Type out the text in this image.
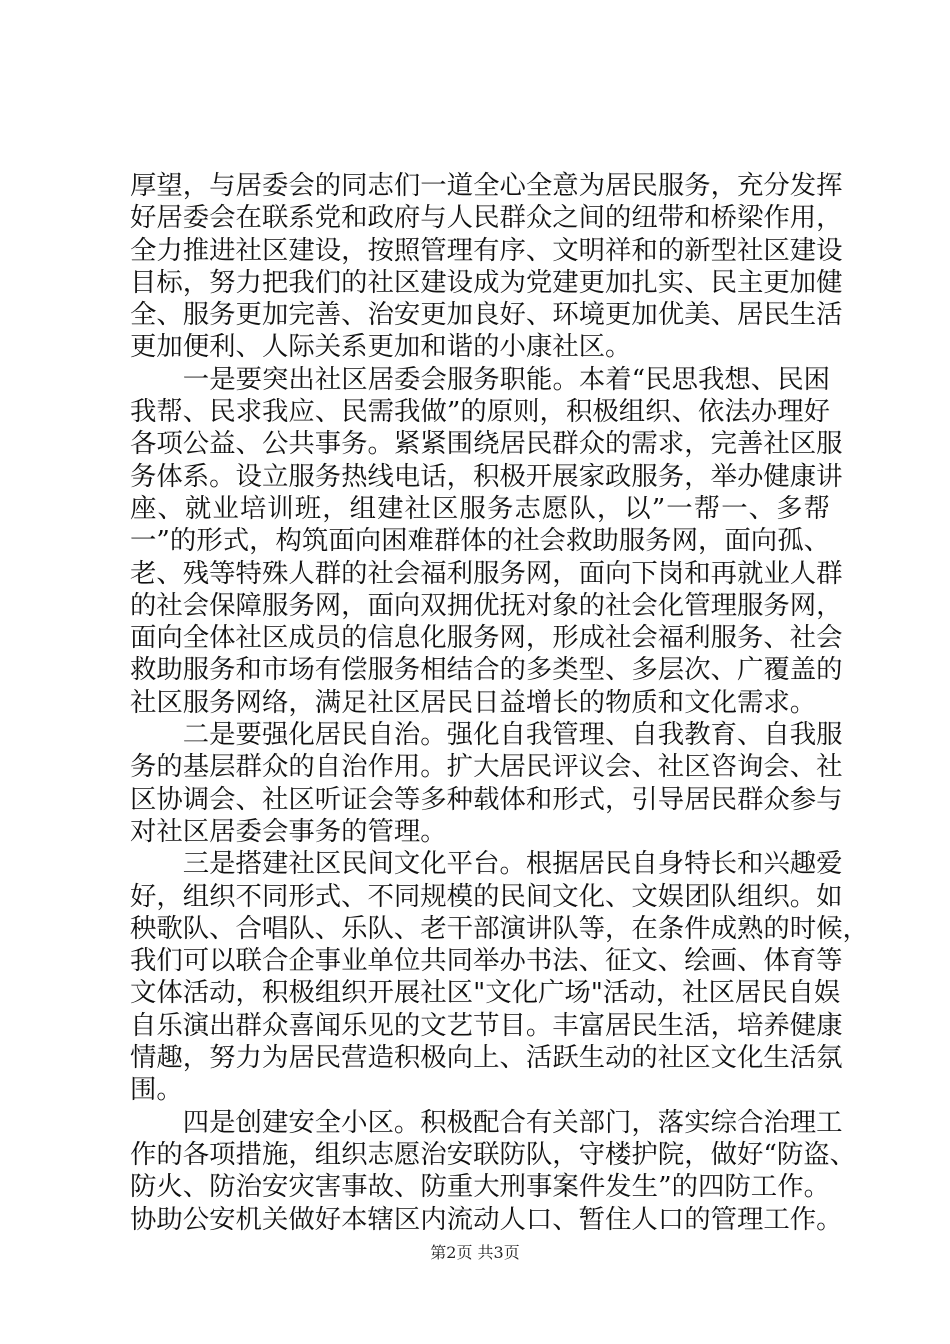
厚望，与居委会的同志们一道全心全意为居民服务，充分发挥
好居委会在联系党和政府与人民群众之间的纽带和桥梁作用，
全力推进社区建设，按照管理有序、文明祥和的新型社区建设
目标，努力把我们的社区建设成为党建更加扎实、民主更加健
全、服务更加完善、治安更加良好、环境更加优美、居民生活
更加便利、人际关系更加和谐的小康社区。
　　一是要突出社区居委会服务职能。本着“民思我想、民困
我帮、民求我应、民需我做”的原则，积极组织、依法办理好
各项公益、公共事务。紧紧围绕居民群众的需求，完善社区服
务体系。设立服务热线电话，积极开展家政服务，举办健康讲
座、就业培训班，组建社区服务志愿队，以”一帮一、多帮
一”的形式，构筑面向困难群体的社会救助服务网，面向孤、
老、残等特殊人群的社会福利服务网，面向下岗和再就业人群
的社会保障服务网，面向双拥优抚对象的社会化管理服务网，
面向全体社区成员的信息化服务网，形成社会福利服务、社会
救助服务和市场有偿服务相结合的多类型、多层次、广覆盖的
社区服务网络，满足社区居民日益增长的物质和文化需求。
　　二是要强化居民自治。强化自我管理、自我教育、自我服
务的基层群众的自治作用。扩大居民评议会、社区咨询会、社
区协调会、社区听证会等多种载体和形式，引导居民群众参与
对社区居委会事务的管理。
　　三是搭建社区民间文化平台。根据居民自身特长和兴趣爱
好，组织不同形式、不同规模的民间文化、文娱团队组织。如
秧歌队、合唱队、乐队、老干部演讲队等，在条件成熟的时候，
我们可以联合企事业单位共同举办书法、征文、绘画、体育等
文体活动，积极组织开展社区"文化广场"活动，社区居民自娱
自乐演出群众喜闻乐见的文艺节目。丰富居民生活，培养健康
情趣，努力为居民营造积极向上、活跃生动的社区文化生活氛
围。
　　四是创建安全小区。积极配合有关部门，落实综合治理工
作的各项措施，组织志愿治安联防队，守楼护院，做好“防盗、
防火、防治安灾害事故、防重大刑事案件发生”的四防工作。
协助公安机关做好本辖区内流动人口、暂住人口的管理工作。
第2页 共3页
